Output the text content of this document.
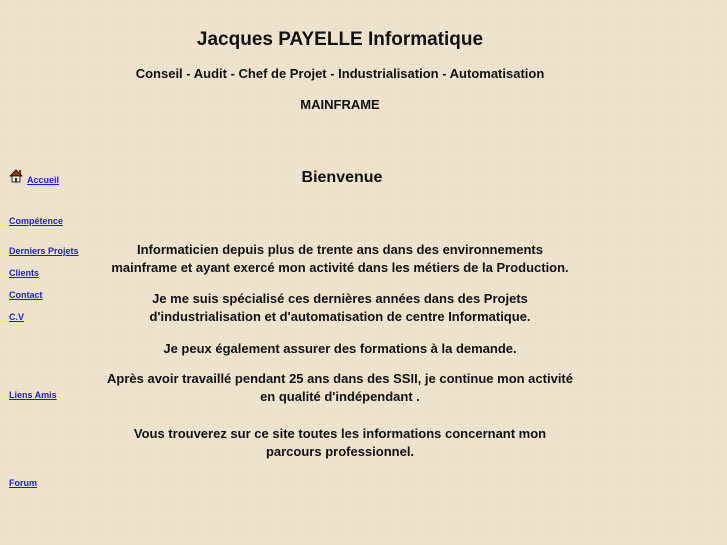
Jacques PAYELLE Informatique
Conseil - Audit - Chef de Projet - Industrialisation - Automatisation
MAINFRAME
Accueil
Compétence
Derniers Projets
Clients
Contact
C.V
Liens Amis
Forum
Bienvenue
Informaticien depuis plus de trente ans dans des environnements mainframe et ayant exercé mon activité dans les métiers de la Production.
Je me suis spécialisé ces dernières années dans des Projets d'industrialisation et d'automatisation de centre Informatique.
Je peux également assurer des formations à la demande.
Après avoir travaillé pendant 25 ans dans des SSII, je continue mon activité en qualité d'indépendant .
Vous trouverez sur ce site toutes les informations concernant mon parcours professionnel.
